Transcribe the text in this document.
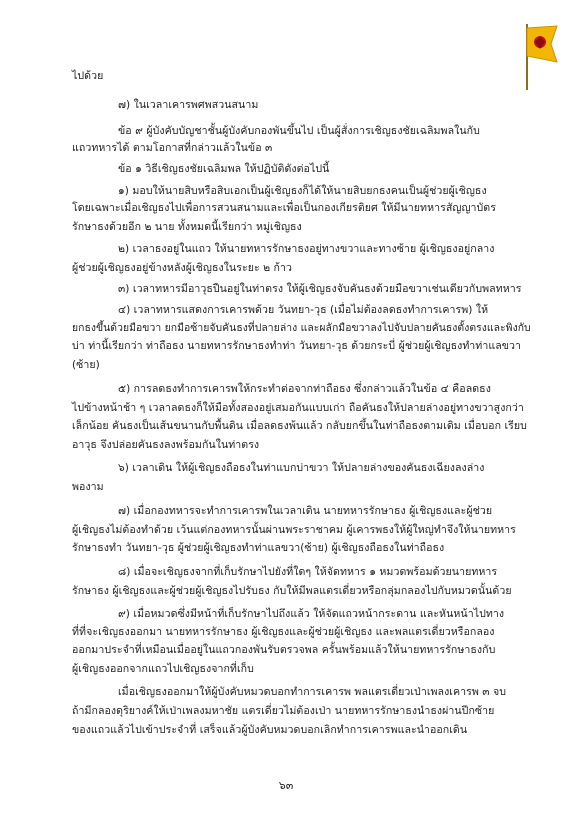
ไปด้วย
๗) ในเวลาเคารพศพสวนสนาม
ข้อ ๙ ผู้บังคับบัญชาชั้นผู้บังคับกองพันขึ้นไป เป็นผู้สั่งการเชิญธงชัยเฉลิมพลในกับ
แถวทหารได้ ตามโอกาสที่กล่าวแล้วในข้อ ๓
ข้อ ๑ วิธีเชิญธงชัยเฉลิมพล ให้ปฏิบัติดังต่อไปนี้
๑) มอบให้นายสิบหรือสิบเอกเป็นผู้เชิญธงก็ได้ให้นายสิบยกธงคนเป็นผู้ช่วยผู้เชิญธง
โดยเฉพาะเมื่อเชิญธงไปเพื่อการสวนสนามและเพื่อเป็นกองเกียรติยศ ให้มีนายทหารสัญญาบัตร
รักษาธงด้วยอีก ๒ นาย ทั้งหมดนี้เรียกว่า หมู่เชิญธง
๒) เวลาธงอยู่ในแถว ให้นายทหารรักษาธงอยู่ทางขวาและทางซ้าย ผู้เชิญธงอยู่กลาง
ผู้ช่วยผู้เชิญธงอยู่ข้างหลังผู้เชิญธงในระยะ ๒ ก้าว
๓) เวลาทหารมีอาวุธปืนอยู่ในท่าตรง ให้ผู้เชิญธงจับคันธงด้วยมือขวาเช่นเดียวกับพลทหาร
๔) เวลาทหารแสดงการเคารพด้วย วันทยา-วุธ (เมื่อไม่ต้องลดธงทำการเคารพ) ให้
ยกธงขึ้นด้วยมือขวา ยกมือซ้ายจับคันธงที่ปลายล่าง และผลักมือขวาลงไปจับปลายคันธงตั้งตรงและพิงกับ
บ่า ท่านี้เรียกว่า ท่าถือธง นายทหารรักษาธงทำท่า วันทยา-วุธ ด้วยกระบี่ ผู้ช่วยผู้เชิญธงทำท่าแลขวา
(ซ้าย)
๕) การลดธงทำการเคารพให้กระทำต่อจากท่าถือธง ซึ่งกล่าวแล้วในข้อ ๔ คือลดธง
ไปข้างหน้าช้า ๆ เวลาลดธงก็ให้มือทั้งสองอยู่เสมอกันแบบเก่า ถือคันธงให้ปลายล่างอยู่ทางขวาสูงกว่า
เล็กน้อย คันธงเป็นเส้นขนานกับพื้นดิน เมื่อลดธงพ้นแล้ว กลับยกขึ้นในท่าถือธงตามเดิม เมื่อบอก เรียบ
อาวุธ จึงปล่อยคันธงลงพร้อมกันในท่าตรง
๖) เวลาเดิน ให้ผู้เชิญธงถือธงในท่าแบกบ่าขวา ให้ปลายล่างของคันธงเฉียงลงล่าง
พองาม
๗) เมื่อกองทหารจะทำการเคารพในเวลาเดิน นายทหารรักษาธง ผู้เชิญธงและผู้ช่วย
ผู้เชิญธงไม่ต้องทำด้วย เว้นแต่กองทหารนั้นผ่านพระราชาคม ผู้เคารพธงให้ผู้ใหญ่ทำจึงให้นายทหาร
รักษาธงทำ วันทยา-วุธ ผู้ช่วยผู้เชิญธงทำท่าแลขวา(ซ้าย) ผู้เชิญธงถือธงในท่าถือธง
๘) เมื่อจะเชิญธงจากที่เก็บรักษาไปยังที่ใดๆ ให้จัดทหาร ๑ หมวดพร้อมด้วยนายทหาร
รักษาธง ผู้เชิญธงและผู้ช่วยผู้เชิญธงไปรับธง กับให้มีพลแตรเดี่ยวหรือกลุ่มกลองไปกับหมวดนั้นด้วย
๙) เมื่อหมวดซึ่งมีหน้าที่เก็บรักษาไปถึงแล้ว ให้จัดแถวหน้ากระดาน และหันหน้าไปทาง
ที่ที่จะเชิญธงออกมา นายทหารรักษาธง ผู้เชิญธงและผู้ช่วยผู้เชิญธง และพลแตรเดี่ยวหรือกลอง
ออกมาประจำที่เหมือนเมื่ออยู่ในแถวกองพันรับตรวจพล ครั้นพร้อมแล้วให้นายทหารรักษาธงกับ
ผู้เชิญธงออกจากแถวไปเชิญธงจากที่เก็บ
เมื่อเชิญธงออกมาให้ผู้บังคับหมวดบอกทำการเคารพ พลแตรเดี่ยวเป่าเพลงเคารพ ๓ จบ
ถ้ามีกลองดุริยางค์ให้เป่าเพลงมหาชัย แตรเดี่ยวไม่ต้องเป่า นายทหารรักษาธงนำธงผ่านปีกซ้าย
ของแถวแล้วไปเข้าประจำที่ เสร็จแล้วผู้บังคับหมวดบอกเลิกทำการเคารพและนำออกเดิน
๖๓
